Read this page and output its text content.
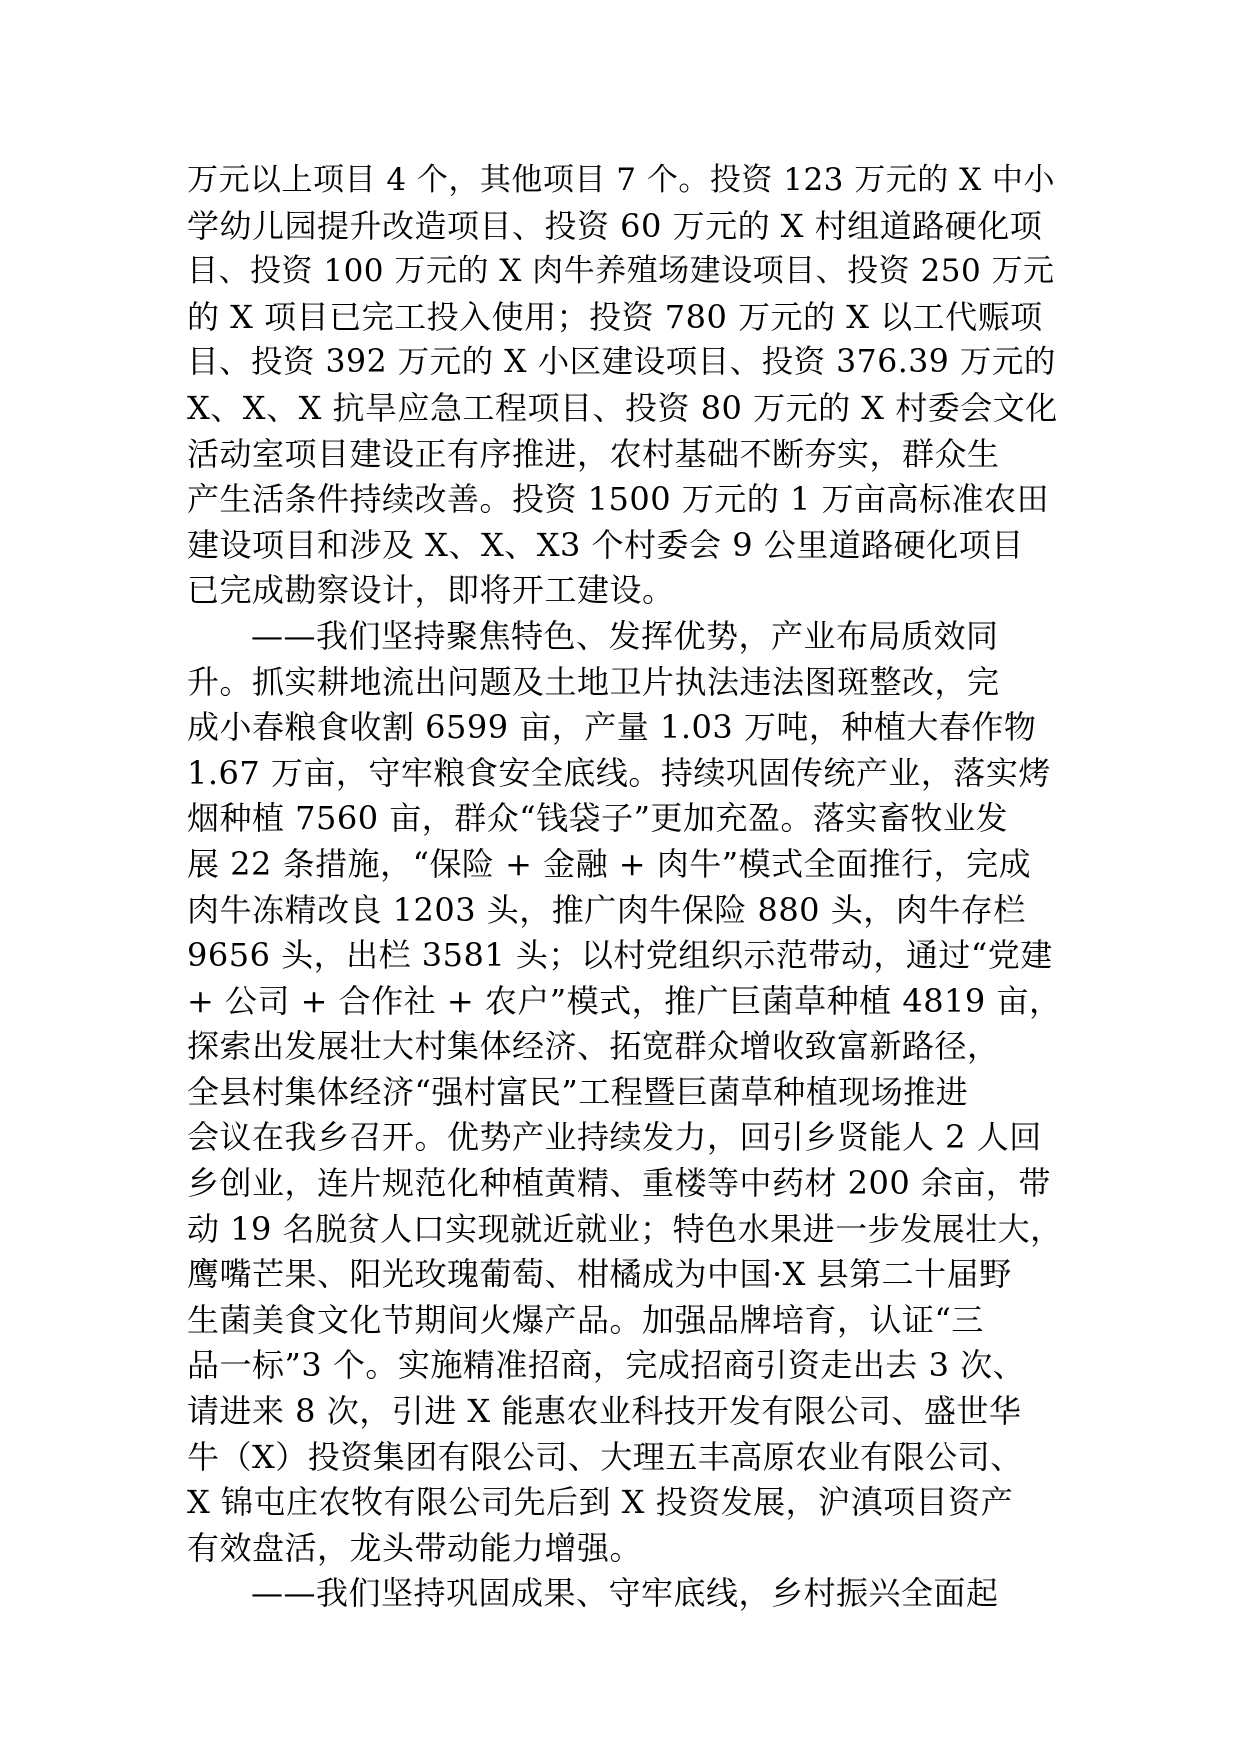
万元以上项目 4 个，其他项目 7 个。投资 123 万元的 X 中小
学幼儿园提升改造项目、投资 60 万元的 X 村组道路硬化项
目、投资 100 万元的 X 肉牛养殖场建设项目、投资 250 万元
的 X 项目已完工投入使用；投资 780 万元的 X 以工代赈项
目、投资 392 万元的 X 小区建设项目、投资 376.39 万元的
X、X、X 抗旱应急工程项目、投资 80 万元的 X 村委会文化
活动室项目建设正有序推进，农村基础不断夯实，群众生
产生活条件持续改善。投资 1500 万元的 1 万亩高标准农田
建设项目和涉及 X、X、X3 个村委会 9 公里道路硬化项目
已完成勘察设计，即将开工建设。
——我们坚持聚焦特色、发挥优势，产业布局质效同
升。抓实耕地流出问题及土地卫片执法违法图斑整改，完
成小春粮食收割 6599 亩，产量 1.03 万吨，种植大春作物
1.67 万亩，守牢粮食安全底线。持续巩固传统产业，落实烤
烟种植 7560 亩，群众“钱袋子”更加充盈。落实畜牧业发
展 22 条措施，“保险 + 金融 + 肉牛”模式全面推行，完成
肉牛冻精改良 1203 头，推广肉牛保险 880 头，肉牛存栏
9656 头，出栏 3581 头；以村党组织示范带动，通过“党建
+ 公司 + 合作社 + 农户”模式，推广巨菌草种植 4819 亩，
探索出发展壮大村集体经济、拓宽群众增收致富新路径，
全县村集体经济“强村富民”工程暨巨菌草种植现场推进
会议在我乡召开。优势产业持续发力，回引乡贤能人 2 人回
乡创业，连片规范化种植黄精、重楼等中药材 200 余亩，带
动 19 名脱贫人口实现就近就业；特色水果进一步发展壮大，
鹰嘴芒果、阳光玫瑰葡萄、柑橘成为中国·X 县第二十届野
生菌美食文化节期间火爆产品。加强品牌培育，认证“三
品一标”3 个。实施精准招商，完成招商引资走出去 3 次、
请进来 8 次，引进 X 能惠农业科技开发有限公司、盛世华
牛（X）投资集团有限公司、大理五丰高原农业有限公司、
X 锦屯庄农牧有限公司先后到 X 投资发展，沪滇项目资产
有效盘活，龙头带动能力增强。
——我们坚持巩固成果、守牢底线，乡村振兴全面起
